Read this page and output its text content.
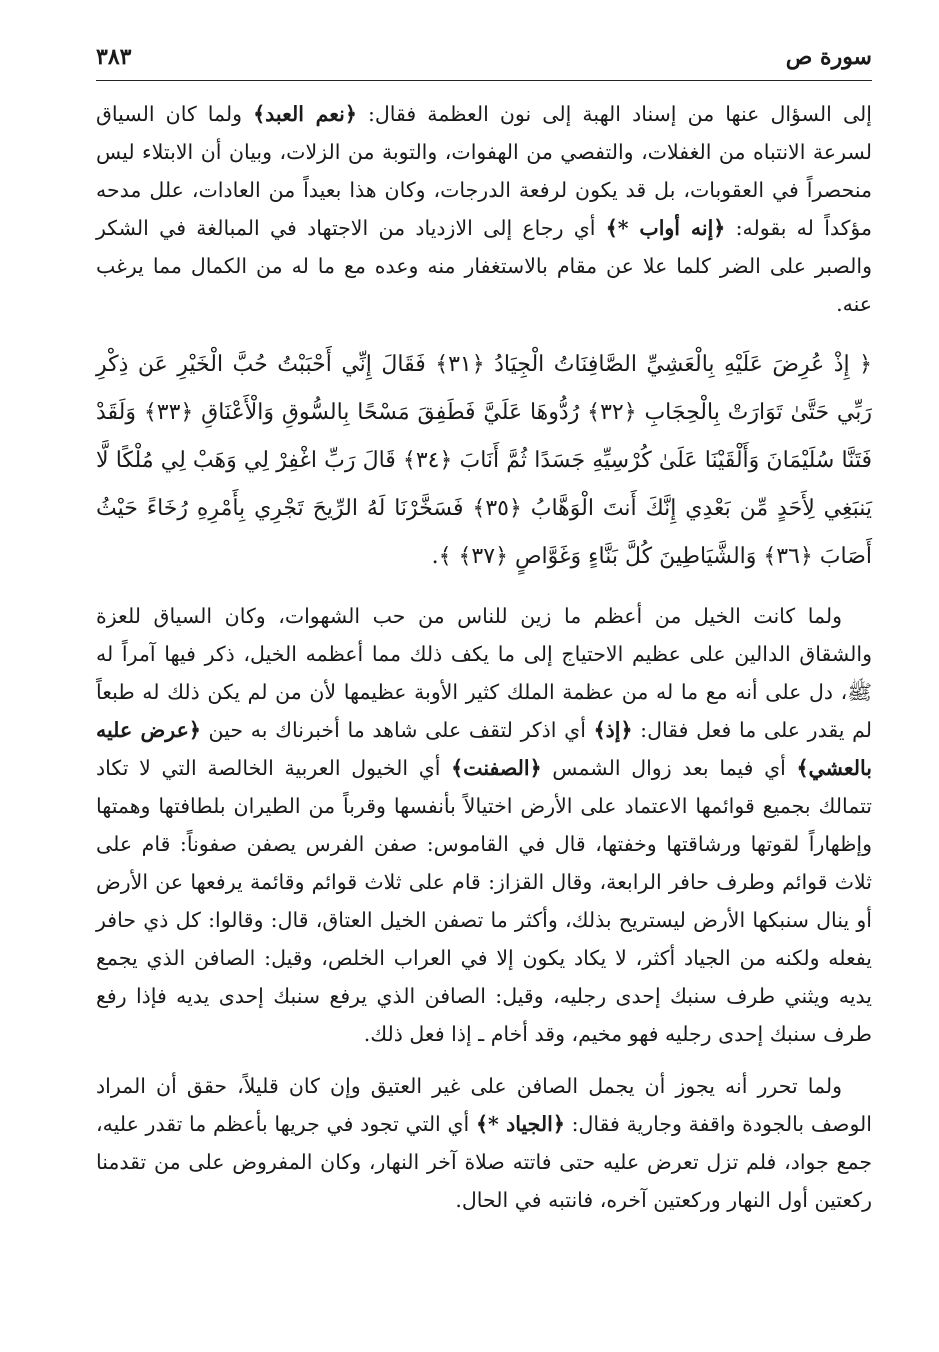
سورة ص
٣٨٣

إلى السؤال عنها من إسناد الهبة إلى نون العظمة فقال: ﴿نعم العبد﴾ ولما كان السياق لسرعة الانتباه من الغفلات، والتفصي من الهفوات، والتوبة من الزلات، وبيان أن الابتلاء ليس منحصراً في العقوبات، بل قد يكون لرفعة الدرجات، وكان هذا بعيداً من العادات، علل مدحه مؤكداً له بقوله: ﴿إنه أواب *﴾ أي رجاع إلى الازدياد من الاجتهاد في المبالغة في الشكر والصبر على الضر كلما علا عن مقام بالاستغفار منه وعده مع ما له من الكمال مما يرغب عنه.

﴿ إِذْ عُرِضَ عَلَيْهِ بِالْعَشِيِّ الصَّافِنَاتُ الْجِيَادُ ﴿٣١﴾ فَقَالَ إِنِّي أَحْبَبْتُ حُبَّ الْخَيْرِ عَن ذِكْرِ رَبِّي حَتَّىٰ تَوَارَتْ بِالْحِجَابِ ﴿٣٢﴾ رُدُّوهَا عَلَيَّ فَطَفِقَ مَسْحًا بِالسُّوقِ وَالْأَعْنَاقِ ﴿٣٣﴾ وَلَقَدْ فَتَنَّا سُلَيْمَانَ وَأَلْقَيْنَا عَلَىٰ كُرْسِيِّهِ جَسَدًا ثُمَّ أَنَابَ ﴿٣٤﴾ قَالَ رَبِّ اغْفِرْ لِي وَهَبْ لِي مُلْكًا لَّا يَنبَغِي لِأَحَدٍ مِّن بَعْدِي إِنَّكَ أَنتَ الْوَهَّابُ ﴿٣٥﴾ فَسَخَّرْنَا لَهُ الرِّيحَ تَجْرِي بِأَمْرِهِ رُخَاءً حَيْثُ أَصَابَ ﴿٣٦﴾ وَالشَّيَاطِينَ كُلَّ بَنَّاءٍ وَغَوَّاصٍ ﴿٣٧﴾ ﴾.

ولما كانت الخيل من أعظم ما زين للناس من حب الشهوات، وكان السياق للعزة والشقاق الدالين على عظيم الاحتياج إلى ما يكف ذلك مما أعظمه الخيل، ذكر فيها آمراً له ﷺ، دل على أنه مع ما له من عظمة الملك كثير الأوبة عظيمها لأن من لم يكن ذلك له طبعاً لم يقدر على ما فعل فقال: ﴿إذ﴾ أي اذكر لتقف على شاهد ما أخبرناك به حين ﴿عرض عليه بالعشي﴾ أي فيما بعد زوال الشمس ﴿الصفنت﴾ أي الخيول العربية الخالصة التي لا تكاد تتمالك بجميع قوائمها الاعتماد على الأرض اختيالاً بأنفسها وقرباً من الطيران بلطافتها وهمتها وإظهاراً لقوتها ورشاقتها وخفتها، قال في القاموس: صفن الفرس يصفن صفوناً: قام على ثلاث قوائم وطرف حافر الرابعة، وقال القزاز: قام على ثلاث قوائم وقائمة يرفعها عن الأرض أو ينال سنبكها الأرض ليستريح بذلك، وأكثر ما تصفن الخيل العتاق، قال: وقالوا: كل ذي حافر يفعله ولكنه من الجياد أكثر، لا يكاد يكون إلا في العراب الخلص، وقيل: الصافن الذي يجمع يديه ويثني طرف سنبك إحدى رجليه، وقيل: الصافن الذي يرفع سنبك إحدى يديه فإذا رفع طرف سنبك إحدى رجليه فهو مخيم، وقد أخام ـ إذا فعل ذلك.

ولما تحرر أنه يجوز أن يجمل الصافن على غير العتيق وإن كان قليلاً، حقق أن المراد الوصف بالجودة واقفة وجارية فقال: ﴿الجياد *﴾ أي التي تجود في جريها بأعظم ما تقدر عليه، جمع جواد، فلم تزل تعرض عليه حتى فاتته صلاة آخر النهار، وكان المفروض على من تقدمنا ركعتين أول النهار وركعتين آخره، فانتبه في الحال.
